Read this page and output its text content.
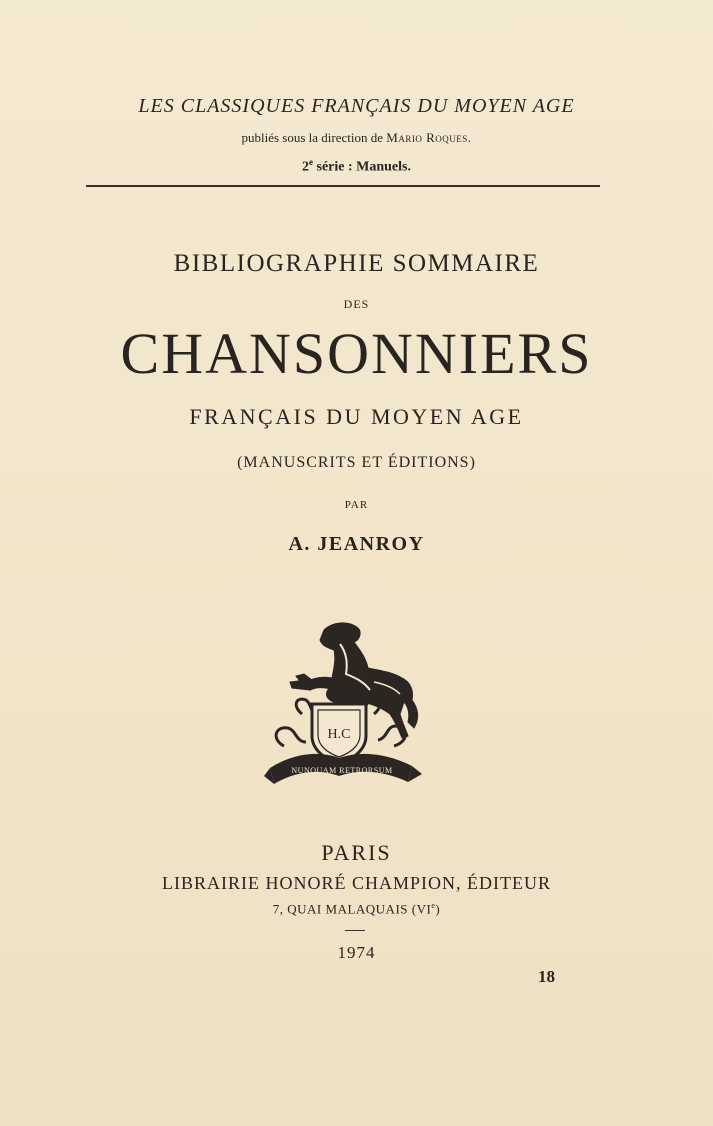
LES CLASSIQUES FRANÇAIS DU MOYEN AGE
publiés sous la direction de Mario Roques.
2e série : Manuels.
BIBLIOGRAPHIE SOMMAIRE
DES
CHANSONNIERS
FRANÇAIS DU MOYEN AGE
(MANUSCRITS ET ÉDITIONS)
PAR
A. JEANROY
H.C
NUNQUAM RETRORSUM
PARIS
LIBRAIRIE HONORÉ CHAMPION, ÉDITEUR
7, QUAI MALAQUAIS (VIe)
1974
18
